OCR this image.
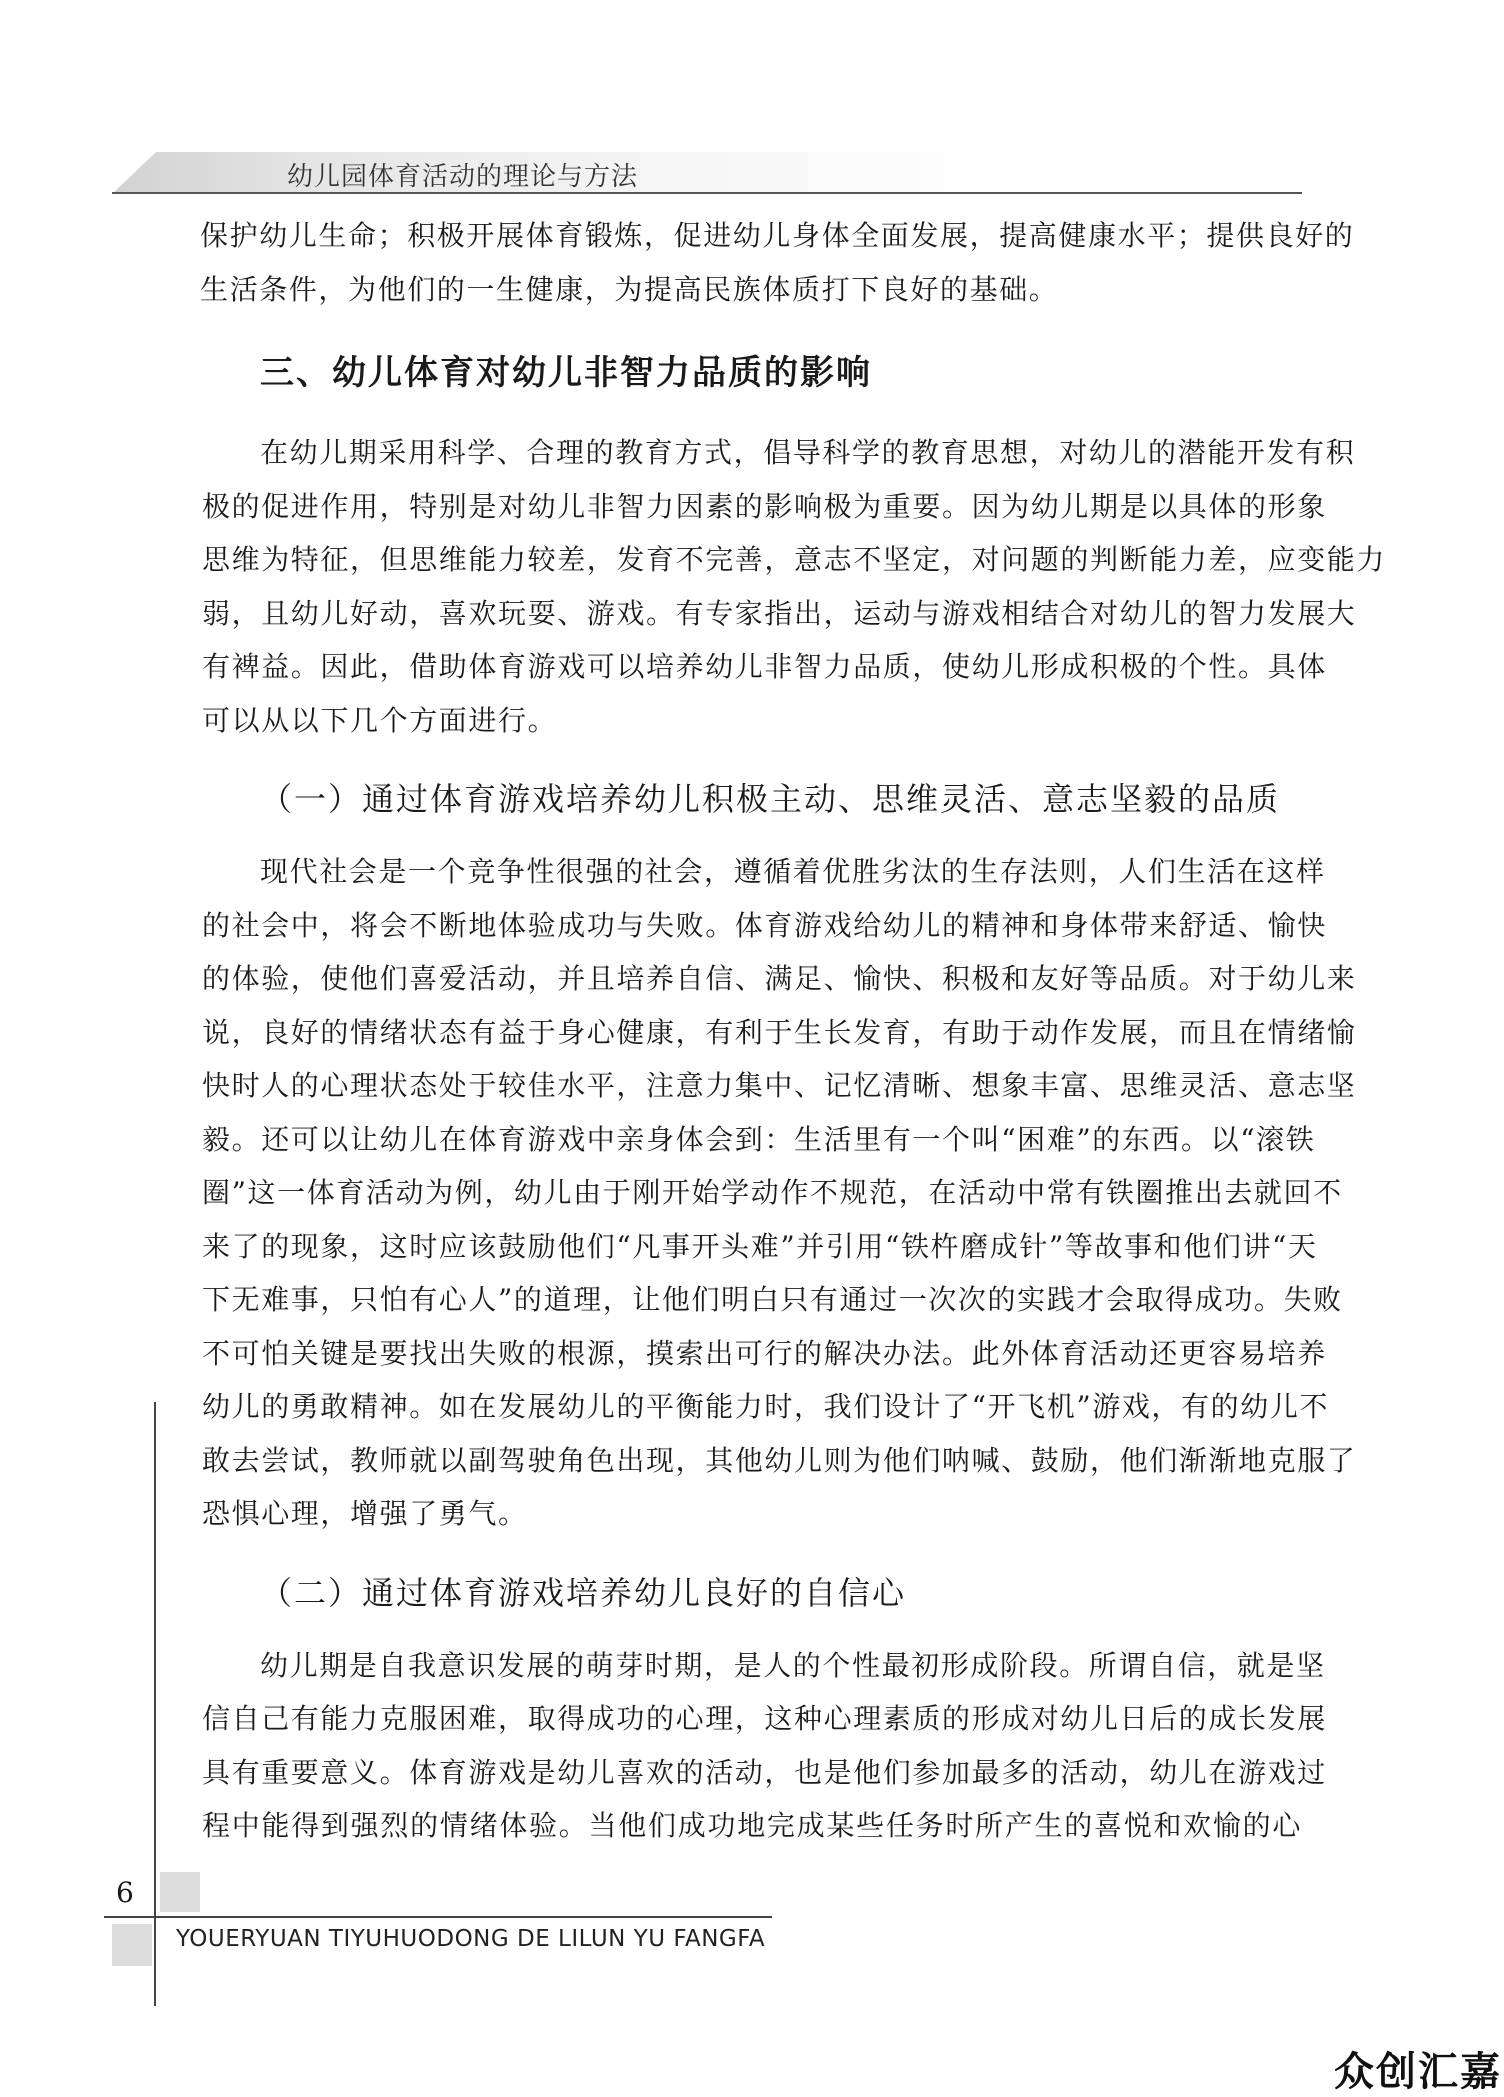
幼儿园体育活动的理论与方法
保护幼儿生命；积极开展体育锻炼，促进幼儿身体全面发展，提高健康水平；提供良好的
生活条件，为他们的一生健康，为提高民族体质打下良好的基础。
三、幼儿体育对幼儿非智力品质的影响
在幼儿期采用科学、合理的教育方式，倡导科学的教育思想，对幼儿的潜能开发有积
极的促进作用，特别是对幼儿非智力因素的影响极为重要。因为幼儿期是以具体的形象
思维为特征，但思维能力较差，发育不完善，意志不坚定，对问题的判断能力差，应变能力
弱，且幼儿好动，喜欢玩耍、游戏。有专家指出，运动与游戏相结合对幼儿的智力发展大
有裨益。因此，借助体育游戏可以培养幼儿非智力品质，使幼儿形成积极的个性。具体
可以从以下几个方面进行。
（一）通过体育游戏培养幼儿积极主动、思维灵活、意志坚毅的品质
现代社会是一个竞争性很强的社会，遵循着优胜劣汰的生存法则，人们生活在这样
的社会中，将会不断地体验成功与失败。体育游戏给幼儿的精神和身体带来舒适、愉快
的体验，使他们喜爱活动，并且培养自信、满足、愉快、积极和友好等品质。对于幼儿来
说，良好的情绪状态有益于身心健康，有利于生长发育，有助于动作发展，而且在情绪愉
快时人的心理状态处于较佳水平，注意力集中、记忆清晰、想象丰富、思维灵活、意志坚
毅。还可以让幼儿在体育游戏中亲身体会到：生活里有一个叫“困难”的东西。以“滚铁
圈”这一体育活动为例，幼儿由于刚开始学动作不规范，在活动中常有铁圈推出去就回不
来了的现象，这时应该鼓励他们“凡事开头难”并引用“铁杵磨成针”等故事和他们讲“天
下无难事，只怕有心人”的道理，让他们明白只有通过一次次的实践才会取得成功。失败
不可怕关键是要找出失败的根源，摸索出可行的解决办法。此外体育活动还更容易培养
幼儿的勇敢精神。如在发展幼儿的平衡能力时，我们设计了“开飞机”游戏，有的幼儿不
敢去尝试，教师就以副驾驶角色出现，其他幼儿则为他们呐喊、鼓励，他们渐渐地克服了
恐惧心理，增强了勇气。
（二）通过体育游戏培养幼儿良好的自信心
幼儿期是自我意识发展的萌芽时期，是人的个性最初形成阶段。所谓自信，就是坚
信自己有能力克服困难，取得成功的心理，这种心理素质的形成对幼儿日后的成长发展
具有重要意义。体育游戏是幼儿喜欢的活动，也是他们参加最多的活动，幼儿在游戏过
程中能得到强烈的情绪体验。当他们成功地完成某些任务时所产生的喜悦和欢愉的心
6
YOUERYUAN TIYUHUODONG DE LILUN YU FANGFA
众创汇嘉
